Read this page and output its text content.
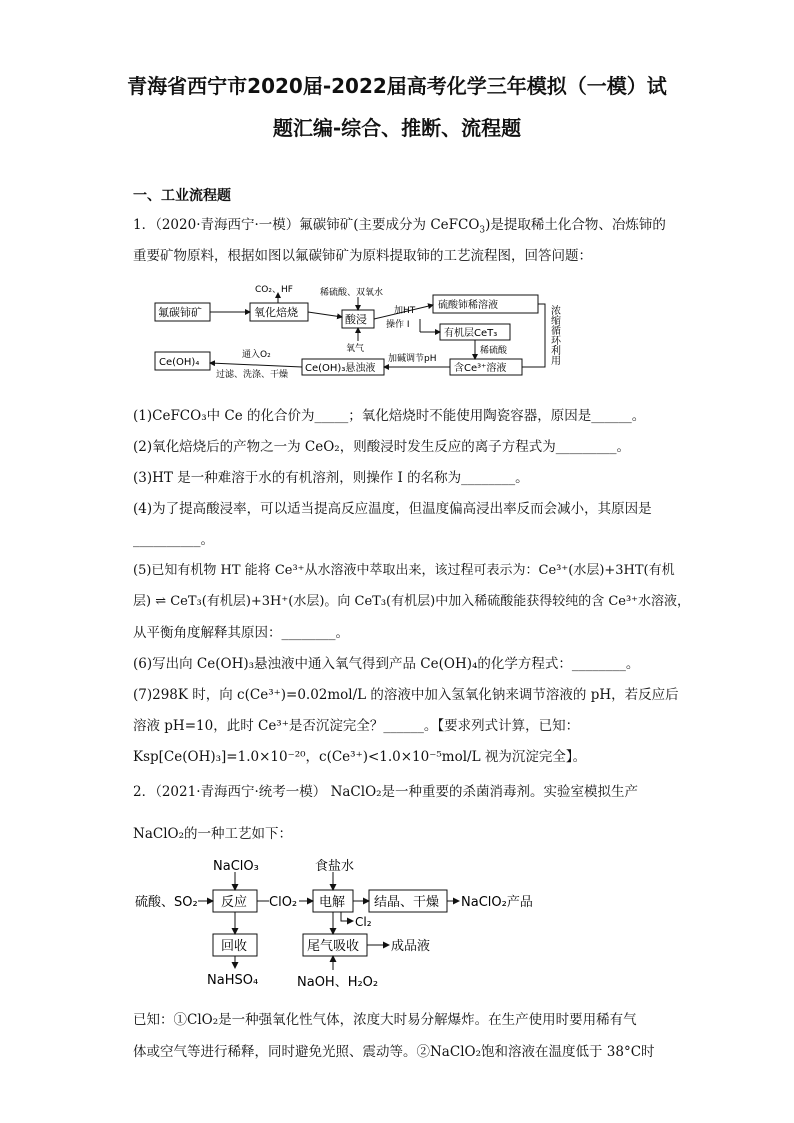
青海省西宁市2020届-2022届高考化学三年模拟（一模）试
题汇编-综合、推断、流程题
一、工业流程题
1．（2020·青海西宁·一模）氟碳铈矿(主要成分为 CeFCO$_3$)是提取稀土化合物、冶炼铈的
重要矿物原料，根据如图以氟碳铈矿为原料提取铈的工艺流程图，回答问题：
氟碳铈矿	氧化焙烧
CO₂、HF	稀硫酸、双氧水
酸浸
氧气
加HT
操作 I
硫酸铈稀溶液
有机层CeT₃
稀硫酸
含Ce³⁺溶液
加碱调节pH
Ce(OH)₃悬浊液
通入O₂
过滤、洗涤、干燥
Ce(OH)₄	浓缩循环利用
(1)CeFCO₃中 Ce 的化合价为_____；氧化焙烧时不能使用陶瓷容器，原因是______。
(2)氧化焙烧后的产物之一为 CeO₂，则酸浸时发生反应的离子方程式为_________。
(3)HT 是一种难溶于水的有机溶剂，则操作 I 的名称为________。
(4)为了提高酸浸率，可以适当提高反应温度，但温度偏高浸出率反而会减小，其原因是
__________。
(5)已知有机物 HT 能将 Ce³⁺从水溶液中萃取出来，该过程可表示为：Ce³⁺(水层)+3HT(有机
层) ⇌ CeT₃(有机层)+3H⁺(水层)。向 CeT₃(有机层)中加入稀硫酸能获得较纯的含 Ce³⁺水溶液，
从平衡角度解释其原因：________。
(6)写出向 Ce(OH)₃悬浊液中通入氧气得到产品 Ce(OH)₄的化学方程式：________。
(7)298K 时，向 c(Ce³⁺)=0.02mol/L 的溶液中加入氢氧化钠来调节溶液的 pH，若反应后
溶液 pH=10，此时 Ce³⁺是否沉淀完全？______。【要求列式计算，已知：
Ksp[Ce(OH)₃]=1.0×10⁻²⁰，c(Ce³⁺)<1.0×10⁻⁵mol/L 视为沉淀完全】。
2．（2021·青海西宁·统考一模） NaClO₂是一种重要的杀菌消毒剂。实验室模拟生产
NaClO₂的一种工艺如下：
NaClO₃
硫酸、SO₂ 反应 ClO₂
食盐水
电解
Cl₂
结晶、干燥 NaClO₂产品
回收
NaHSO₄
尾气吸收 成品液
NaOH、H₂O₂
已知：①ClO₂是一种强氧化性气体，浓度大时易分解爆炸。在生产使用时要用稀有气
体或空气等进行稀释，同时避免光照、震动等。②NaClO₂饱和溶液在温度低于 38°C时
